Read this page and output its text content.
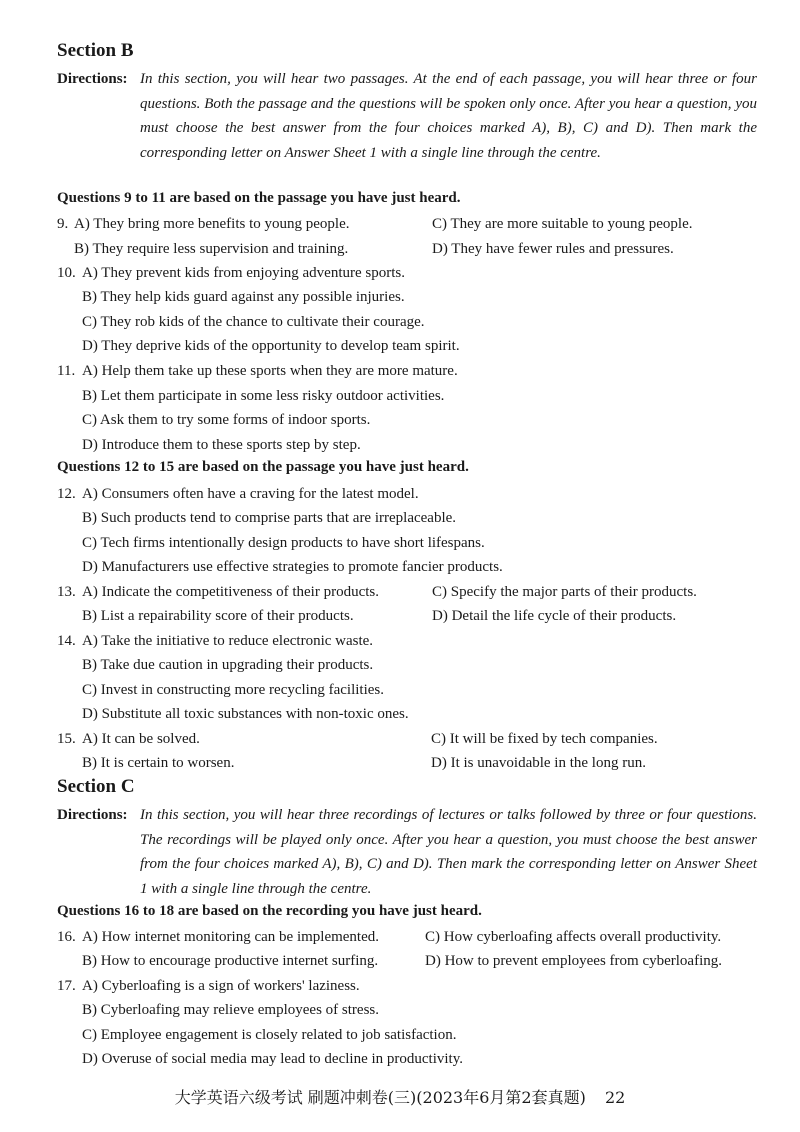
Section B
Directions: In this section, you will hear two passages. At the end of each passage, you will hear three or four questions. Both the passage and the questions will be spoken only once. After you hear a question, you must choose the best answer from the four choices marked A), B), C) and D). Then mark the corresponding letter on Answer Sheet 1 with a single line through the centre.
Questions 9 to 11 are based on the passage you have just heard.
9. A) They bring more benefits to young people.	C) They are more suitable to young people.
B) They require less supervision and training.	D) They have fewer rules and pressures.
10. A) They prevent kids from enjoying adventure sports.
B) They help kids guard against any possible injuries.
C) They rob kids of the chance to cultivate their courage.
D) They deprive kids of the opportunity to develop team spirit.
11. A) Help them take up these sports when they are more mature.
B) Let them participate in some less risky outdoor activities.
C) Ask them to try some forms of indoor sports.
D) Introduce them to these sports step by step.
Questions 12 to 15 are based on the passage you have just heard.
12. A) Consumers often have a craving for the latest model.
B) Such products tend to comprise parts that are irreplaceable.
C) Tech firms intentionally design products to have short lifespans.
D) Manufacturers use effective strategies to promote fancier products.
13. A) Indicate the competitiveness of their products.	C) Specify the major parts of their products.
B) List a repairability score of their products.	D) Detail the life cycle of their products.
14. A) Take the initiative to reduce electronic waste.
B) Take due caution in upgrading their products.
C) Invest in constructing more recycling facilities.
D) Substitute all toxic substances with non-toxic ones.
15. A) It can be solved.	C) It will be fixed by tech companies.
B) It is certain to worsen.	D) It is unavoidable in the long run.
Section C
Directions: In this section, you will hear three recordings of lectures or talks followed by three or four questions. The recordings will be played only once. After you hear a question, you must choose the best answer from the four choices marked A), B), C) and D). Then mark the corresponding letter on Answer Sheet 1 with a single line through the centre.
Questions 16 to 18 are based on the recording you have just heard.
16. A) How internet monitoring can be implemented.	C) How cyberloafing affects overall productivity.
B) How to encourage productive internet surfing.	D) How to prevent employees from cyberloafing.
17. A) Cyberloafing is a sign of workers' laziness.
B) Cyberloafing may relieve employees of stress.
C) Employee engagement is closely related to job satisfaction.
D) Overuse of social media may lead to decline in productivity.
大学英语六级考试 刷题冲刺卷(三)(2023年6月第2套真题) 22
